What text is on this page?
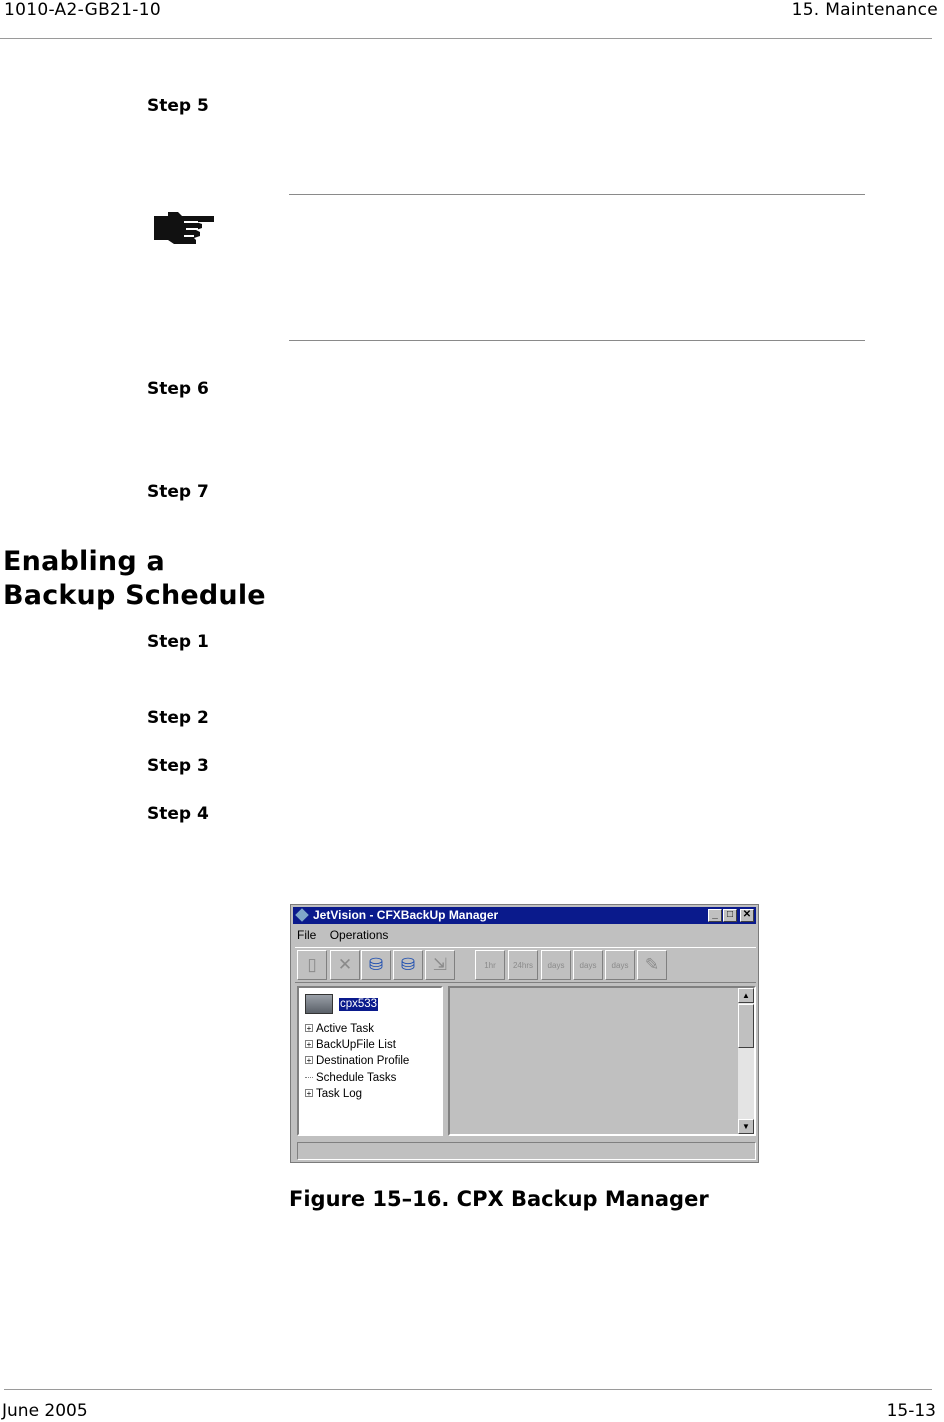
1010-A2-GB21-10	15. Maintenance
Step 5
Step 6
Step 7
Enabling a
Backup Schedule
Step 1
Step 2
Step 3
Step 4
JetVision - CFXBackUp Manager	_ □ ✕
File Operations
▯	✕ ⛁	⛁	⇲	1hr	24hrs	days	days	days ✎
cpx533
+ Active Task
+ BackUpFile List
+ Destination Profile
Schedule Tasks
+ Task Log
▲
▼
Figure 15–16. CPX Backup Manager
June 2005	15-13
